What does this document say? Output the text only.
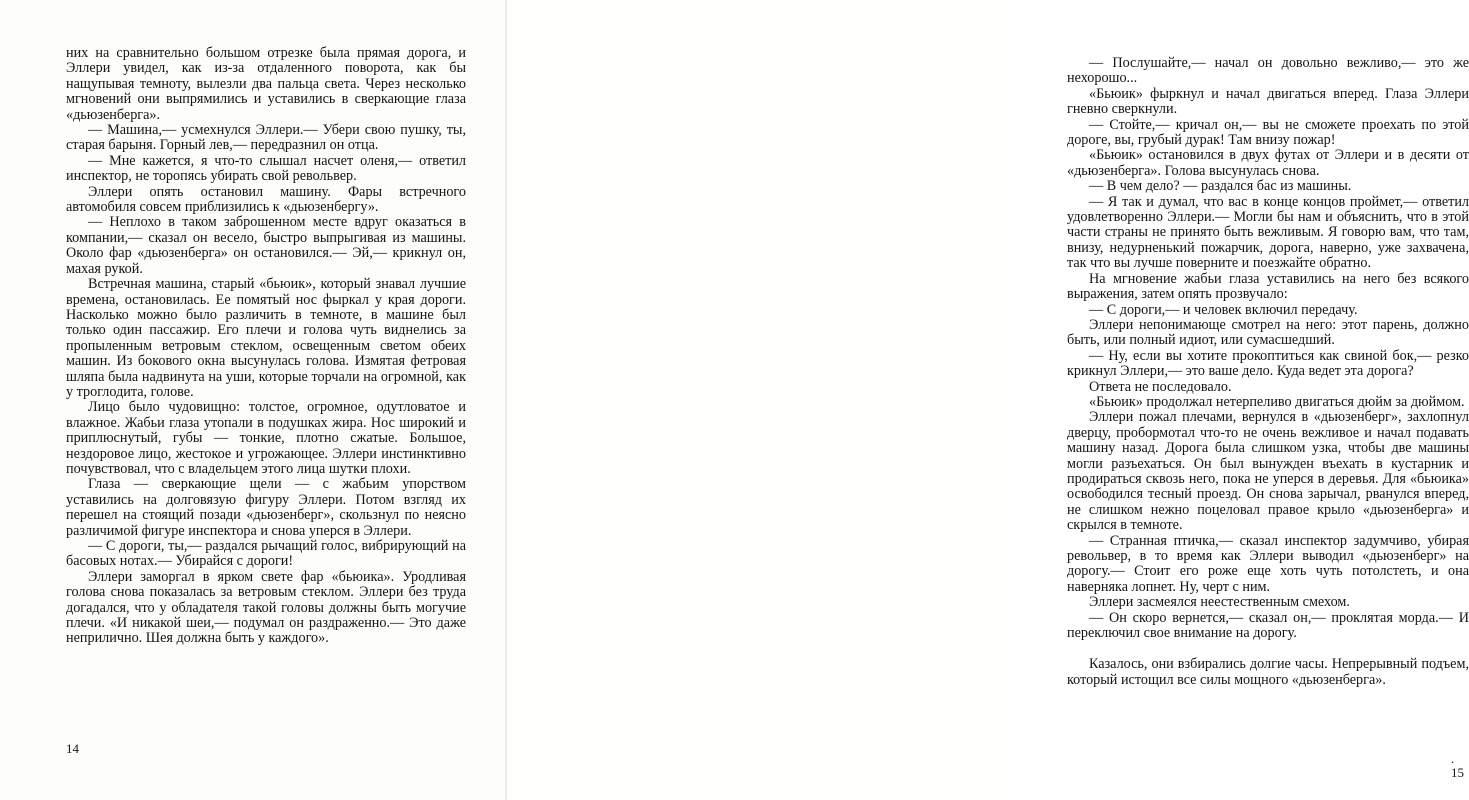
них на сравнительно большом отрезке была прямая дорога, и Эллери увидел, как из-за отдаленного поворота, как бы нащупывая темноту, вылезли два пальца света. Через несколько мгновений они выпрямились и уставились в сверкающие глаза «дьюзенберга».

— Машина,— усмехнулся Эллери.— Убери свою пушку, ты, старая барыня. Горный лев,— передразнил он отца.

— Мне кажется, я что-то слышал насчет оленя,— ответил инспектор, не торопясь убирать свой револьвер.

Эллери опять остановил машину. Фары встречного автомобиля совсем приблизились к «дьюзенбергу».

— Неплохо в таком заброшенном месте вдруг оказаться в компании,— сказал он весело, быстро выпрыгивая из машины. Около фар «дьюзенберга» он остановился.— Эй,— крикнул он, махая рукой.

Встречная машина, старый «бьюик», который знавал лучшие времена, остановилась. Ее помятый нос фыркал у края дороги. Насколько можно было различить в темноте, в машине был только один пассажир. Его плечи и голова чуть виднелись за пропыленным ветровым стеклом, освещенным светом обеих машин. Из бокового окна высунулась голова. Измятая фетровая шляпа была надвинута на уши, которые торчали на огромной, как у троглодита, голове.

Лицо было чудовищно: толстое, огромное, одутловатое и влажное. Жабьи глаза утопали в подушках жира. Нос широкий и приплюснутый, губы — тонкие, плотно сжатые. Большое, нездоровое лицо, жестокое и угрожающее. Эллери инстинктивно почувствовал, что с владельцем этого лица шутки плохи.

Глаза — сверкающие щели — с жабьим упорством уставились на долговязую фигуру Эллери. Потом взгляд их перешел на стоящий позади «дьюзенберг», скользнул по неясно различимой фигуре инспектора и снова уперся в Эллери.

— С дороги, ты,— раздался рычащий голос, вибрирующий на басовых нотах.— Убирайся с дороги!

Эллери заморгал в ярком свете фар «бьюика». Уродливая голова снова показалась за ветровым стеклом. Эллери без труда догадался, что у обладателя такой головы должны быть могучие плечи. «И никакой шеи,— подумал он раздраженно.— Это даже неприлично. Шея должна быть у каждого».

14

— Послушайте,— начал он довольно вежливо,— это же нехорошо...

«Бьюик» фыркнул и начал двигаться вперед. Глаза Эллери гневно сверкнули.

— Стойте,— кричал он,— вы не сможете проехать по этой дороге, вы, грубый дурак! Там внизу пожар!

«Бьюик» остановился в двух футах от Эллери и в десяти от «дьюзенберга». Голова высунулась снова.

— В чем дело? — раздался бас из машины.

— Я так и думал, что вас в конце концов проймет,— ответил удовлетворенно Эллери.— Могли бы нам и объяснить, что в этой части страны не принято быть вежливым. Я говорю вам, что там, внизу, недурненький пожарчик, дорога, наверно, уже захвачена, так что вы лучше поверните и поезжайте обратно.

На мгновение жабьи глаза уставились на него без всякого выражения, затем опять прозвучало:

— С дороги,— и человек включил передачу.

Эллери непонимающе смотрел на него: этот парень, должно быть, или полный идиот, или сумасшедший.

— Ну, если вы хотите прокоптиться как свиной бок,— резко крикнул Эллери,— это ваше дело. Куда ведет эта дорога?

Ответа не последовало.

«Бьюик» продолжал нетерпеливо двигаться дюйм за дюймом.

Эллери пожал плечами, вернулся в «дьюзенберг», захлопнул дверцу, пробормотал что-то не очень вежливое и начал подавать машину назад. Дорога была слишком узка, чтобы две машины могли разъехаться. Он был вынужден въехать в кустарник и продираться сквозь него, пока не уперся в деревья. Для «бьюика» освободился тесный проезд. Он снова зарычал, рванулся вперед, не слишком нежно поцеловал правое крыло «дьюзенберга» и скрылся в темноте.

— Странная птичка,— сказал инспектор задумчиво, убирая револьвер, в то время как Эллери выводил «дьюзенберг» на дорогу.— Стоит его роже еще хоть чуть потолстеть, и она наверняка лопнет. Ну, черт с ним.

Эллери засмеялся неестественным смехом.

— Он скоро вернется,— сказал он,— проклятая морда.— И переключил свое внимание на дорогу.

Казалось, они взбирались долгие часы. Непрерывный подъем, который истощил все силы мощного «дьюзенберга».

. 15
